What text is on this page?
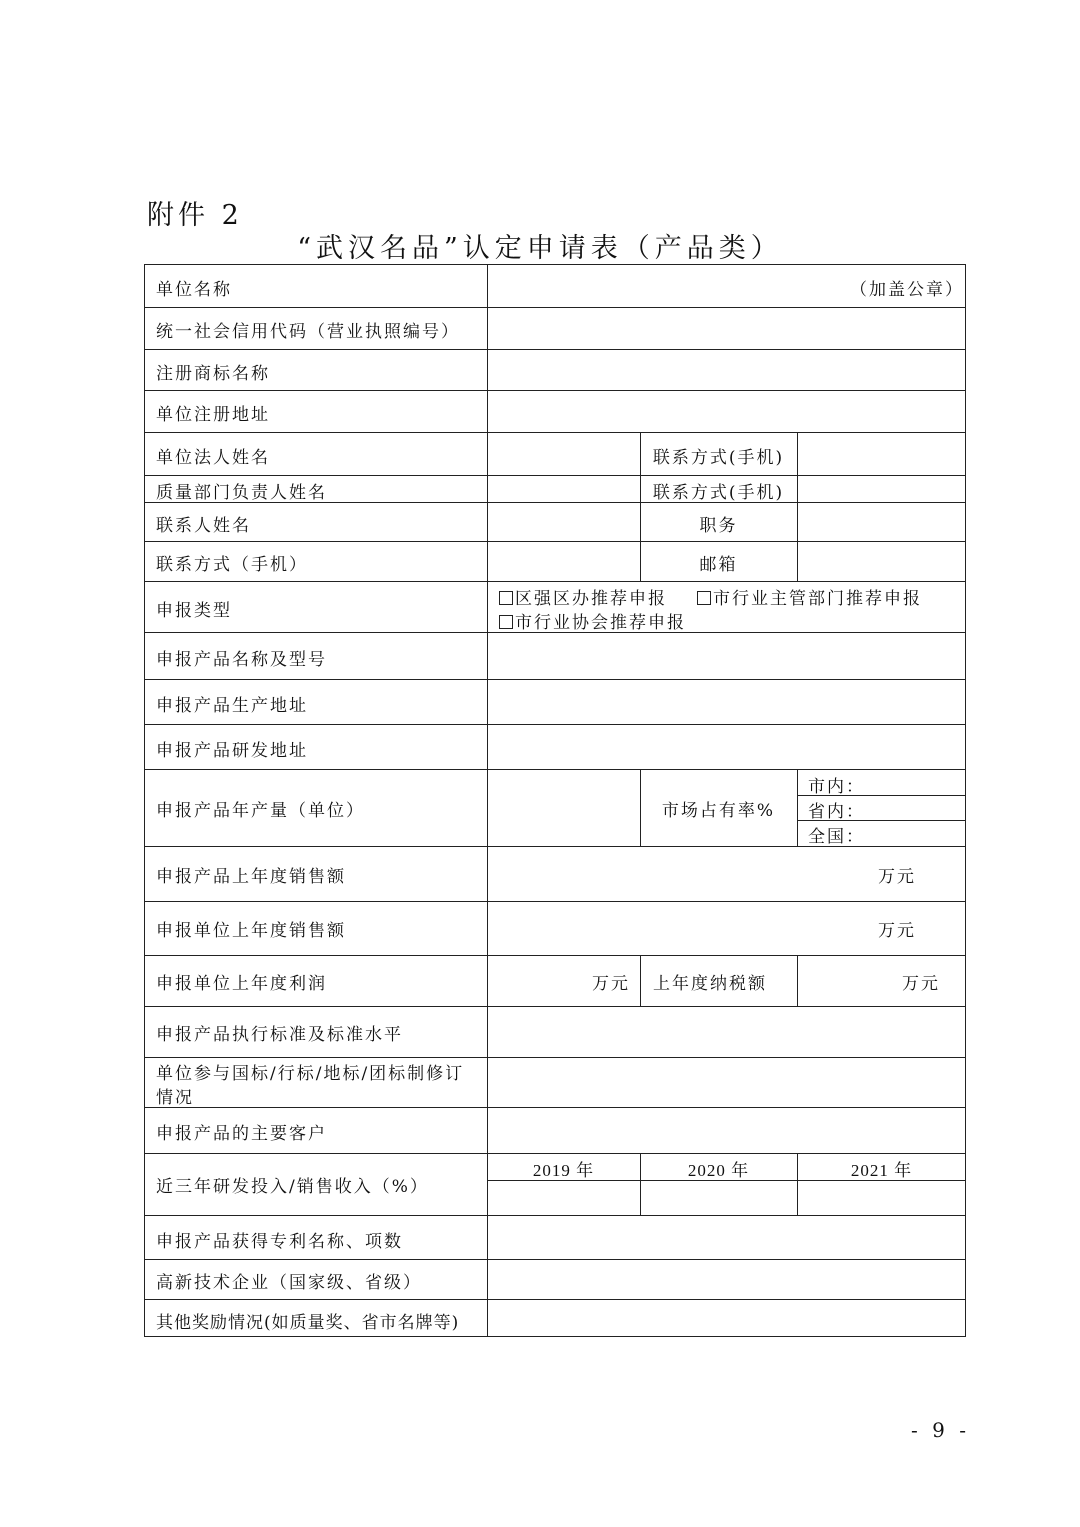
附件 2
“武汉名品”认定申请表（产品类）
单位名称	（加盖公章）
统一社会信用代码（营业执照编号）
注册商标名称
单位注册地址
单位法人姓名	联系方式(手机)
质量部门负责人姓名	联系方式(手机)
联系人姓名	职务
联系方式（手机）	邮箱
申报类型
区强区办推荐申报	市行业主管部门推荐申报
市行业协会推荐申报
申报产品名称及型号
申报产品生产地址
申报产品研发地址
申报产品年产量（单位）	市场占有率%
市内：
省内：
全国：
申报产品上年度销售额	万元
申报单位上年度销售额	万元
申报单位上年度利润	万元 上年度纳税额	万元
申报产品执行标准及标准水平
单位参与国标/行标/地标/团标制修订
情况
申报产品的主要客户
近三年研发投入/销售收入（%）
2019 年	2020 年	2021 年
申报产品获得专利名称、项数
高新技术企业（国家级、省级）
其他奖励情况(如质量奖、省市名牌等)
- 9 -
